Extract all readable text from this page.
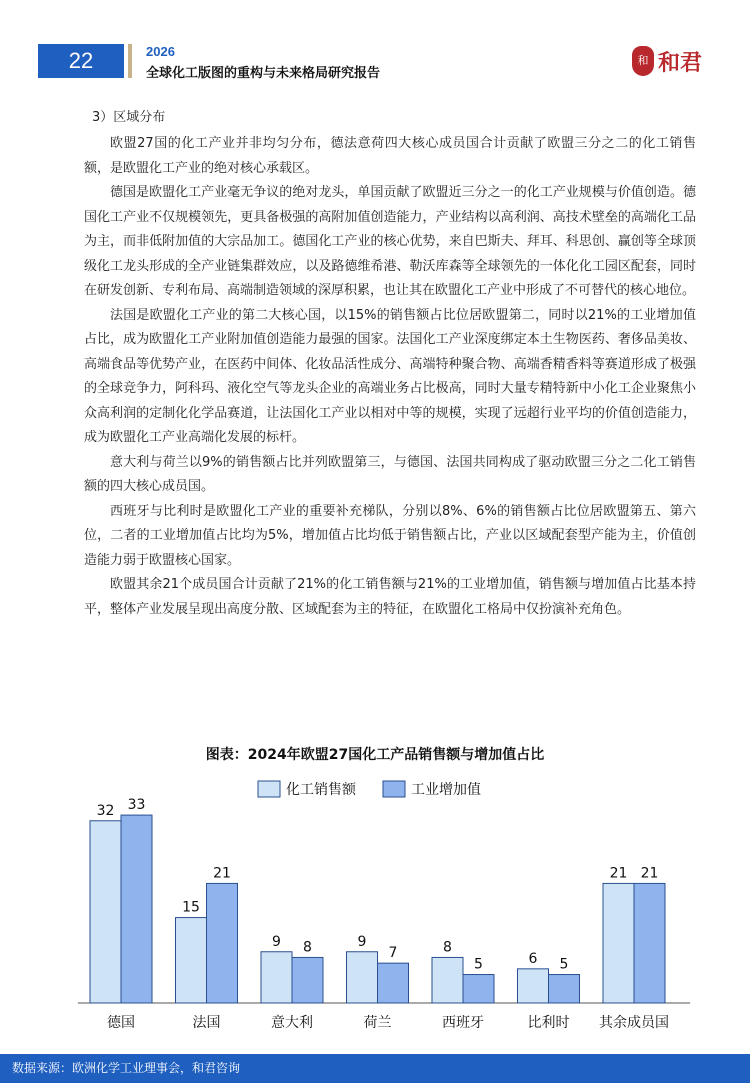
22	2026
全球化工版图的重构与未来格局研究报告
和 和君

3）区域分布

欧盟27国的化工产业并非均匀分布，德法意荷四大核心成员国合计贡献了欧盟三分之二的化工销售额，是欧盟化工产业的绝对核心承载区。

德国是欧盟化工产业毫无争议的绝对龙头，单国贡献了欧盟近三分之一的化工产业规模与价值创造。德国化工产业不仅规模领先，更具备极强的高附加值创造能力，产业结构以高利润、高技术壁垒的高端化工品为主，而非低附加值的大宗品加工。德国化工产业的核心优势，来自巴斯夫、拜耳、科思创、赢创等全球顶级化工龙头形成的全产业链集群效应，以及路德维希港、勒沃库森等全球领先的一体化化工园区配套，同时在研发创新、专利布局、高端制造领域的深厚积累，也让其在欧盟化工产业中形成了不可替代的核心地位。

法国是欧盟化工产业的第二大核心国，以15%的销售额占比位居欧盟第二，同时以21%的工业增加值占比，成为欧盟化工产业附加值创造能力最强的国家。法国化工产业深度绑定本土生物医药、奢侈品美妆、高端食品等优势产业，在医药中间体、化妆品活性成分、高端特种聚合物、高端香精香料等赛道形成了极强的全球竞争力，阿科玛、液化空气等龙头企业的高端业务占比极高，同时大量专精特新中小化工企业聚焦小众高利润的定制化化学品赛道，让法国化工产业以相对中等的规模，实现了远超行业平均的价值创造能力，成为欧盟化工产业高端化发展的标杆。

意大利与荷兰以9%的销售额占比并列欧盟第三，与德国、法国共同构成了驱动欧盟三分之二化工销售额的四大核心成员国。

西班牙与比利时是欧盟化工产业的重要补充梯队，分别以8%、6%的销售额占比位居欧盟第五、第六位，二者的工业增加值占比均为5%，增加值占比均低于销售额占比，产业以区域配套型产能为主，价值创造能力弱于欧盟核心国家。

欧盟其余21个成员国合计贡献了21%的化工销售额与21%的工业增加值，销售额与增加值占比基本持平，整体产业发展呈现出高度分散、区域配套为主的特征，在欧盟化工格局中仅扮演补充角色。

图表：2024年欧盟27国化工产品销售额与增加值占比
化工销售额	工业增加值
32 33
德国
15
21
法国
9 8
意大利
9
7
荷兰
8
5
西班牙
6 5
比利时
21 21
其余成员国
数据来源：欧洲化学工业理事会，和君咨询
